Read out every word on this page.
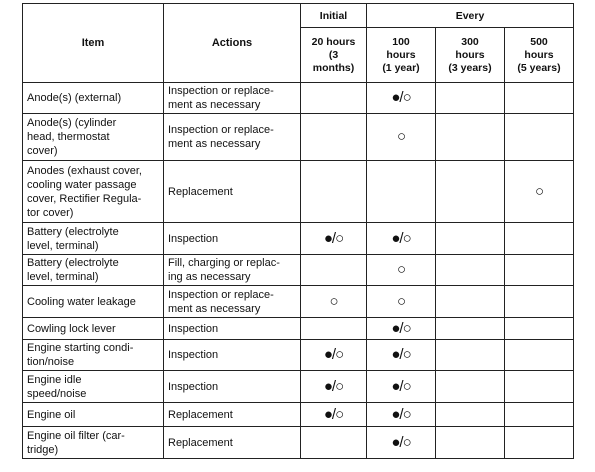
Item	Actions	Initial	Every		

		20 hours
(3
months)	100
hours
(1 year)	300
hours
(3 years)	500
hours
(5 years)

Anode(s) (external)	Inspection or replace-
ment as necessary		●/○		
Anode(s) (cylinder
head, thermostat
cover)	Inspection or replace-
ment as necessary		○		
Anodes (exhaust cover,
cooling water passage
cover, Rectifier Regula-
tor cover)	Replacement				○
Battery (electrolyte
level, terminal)	Inspection	●/○	●/○		
Battery (electrolyte
level, terminal)	Fill, charging or replac-
ing as necessary		○		
Cooling water leakage	Inspection or replace-
ment as necessary	○	○		
Cowling lock lever	Inspection		●/○		
Engine starting condi-
tion/noise	Inspection	●/○	●/○		
Engine idle
speed/noise	Inspection	●/○	●/○		
Engine oil	Replacement	●/○	●/○		
Engine oil filter (car-
tridge)	Replacement		●/○		
